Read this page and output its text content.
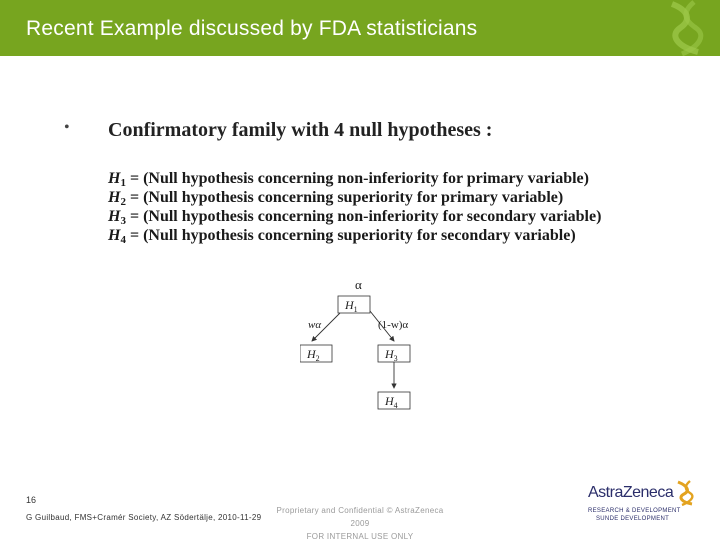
Recent Example discussed by FDA statisticians
• Confirmatory family with 4 null hypotheses :
$H_1$ = (Null hypothesis concerning non-inferiority for primary variable)
$H_2$ = (Null hypothesis concerning superiority for primary variable)
$H_3$ = (Null hypothesis concerning non-inferiority for secondary variable)
$H_4$ = (Null hypothesis concerning superiority for secondary variable)
α
$H_1$
wα	(1-w)α
$H_2$	$H_3$
$H_4$
16
G Guilbaud, FMS+Cramér Society, AZ Södertälje, 2010-11-29
Proprietary and Confidential © AstraZeneca 2009
FOR INTERNAL USE ONLY
AstraZeneca
RESEARCH & DEVELOPMENT
SUNDE DEVELOPMENT
